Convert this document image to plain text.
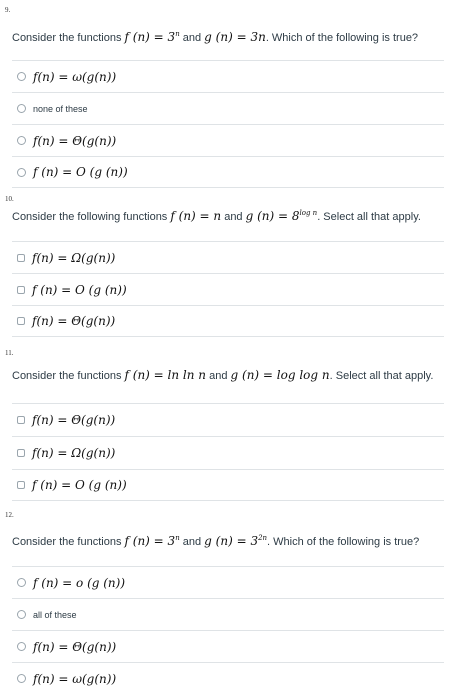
9.
Consider the functions f $(n) = 3^n$ and g (n) = 3n. Which of the following is true?
f(n) = ω(g(n))
none of these
f(n) = Θ(g(n))
f (n) = O (g (n))
10.
Consider the following functions f (n) = n and g $(n) = 8^{log n}$. Select all that apply.
f(n) = Ω(g(n))
f (n) = O (g (n))
f(n) = Θ(g(n))
11.
Consider the functions f (n) = ln ln n and g (n) = log log n. Select all that apply.
f(n) = Θ(g(n))
f(n) = Ω(g(n))
f (n) = O (g (n))
12.
Consider the functions f $(n) = 3^n$ and g $(n) = 3^{2n}$. Which of the following is true?
f (n) = o (g (n))
all of these
f(n) = Θ(g(n))
f(n) = ω(g(n))
